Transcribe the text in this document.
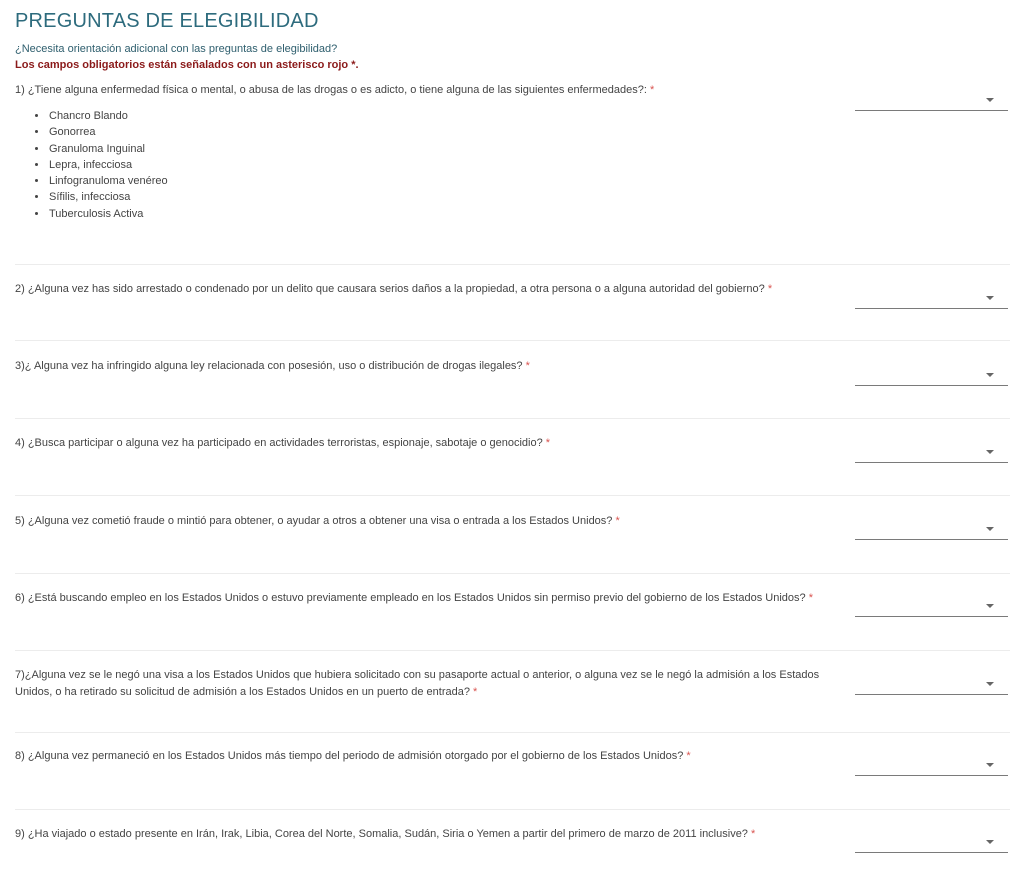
PREGUNTAS DE ELEGIBILIDAD
¿Necesita orientación adicional con las preguntas de elegibilidad?
Los campos obligatorios están señalados con un asterisco rojo *.
1) ¿Tiene alguna enfermedad física o mental, o abusa de las drogas o es adicto, o tiene alguna de las siguientes enfermedades?: *
• Chancro Blando
• Gonorrea
• Granuloma Inguinal
• Lepra, infecciosa
• Linfogranuloma venéreo
• Sífilis, infecciosa
• Tuberculosis Activa
2) ¿Alguna vez has sido arrestado o condenado por un delito que causara serios daños a la propiedad, a otra persona o a alguna autoridad del gobierno? *
3)¿ Alguna vez ha infringido alguna ley relacionada con posesión, uso o distribución de drogas ilegales? *
4) ¿Busca participar o alguna vez ha participado en actividades terroristas, espionaje, sabotaje o genocidio? *
5) ¿Alguna vez cometió fraude o mintió para obtener, o ayudar a otros a obtener una visa o entrada a los Estados Unidos? *
6) ¿Está buscando empleo en los Estados Unidos o estuvo previamente empleado en los Estados Unidos sin permiso previo del gobierno de los Estados Unidos? *
7)¿Alguna vez se le negó una visa a los Estados Unidos que hubiera solicitado con su pasaporte actual o anterior, o alguna vez se le negó la admisión a los Estados Unidos, o ha retirado su solicitud de admisión a los Estados Unidos en un puerto de entrada? *
8) ¿Alguna vez permaneció en los Estados Unidos más tiempo del periodo de admisión otorgado por el gobierno de los Estados Unidos? *
9) ¿Ha viajado o estado presente en Irán, Irak, Libia, Corea del Norte, Somalia, Sudán, Siria o Yemen a partir del primero de marzo de 2011 inclusive? *
